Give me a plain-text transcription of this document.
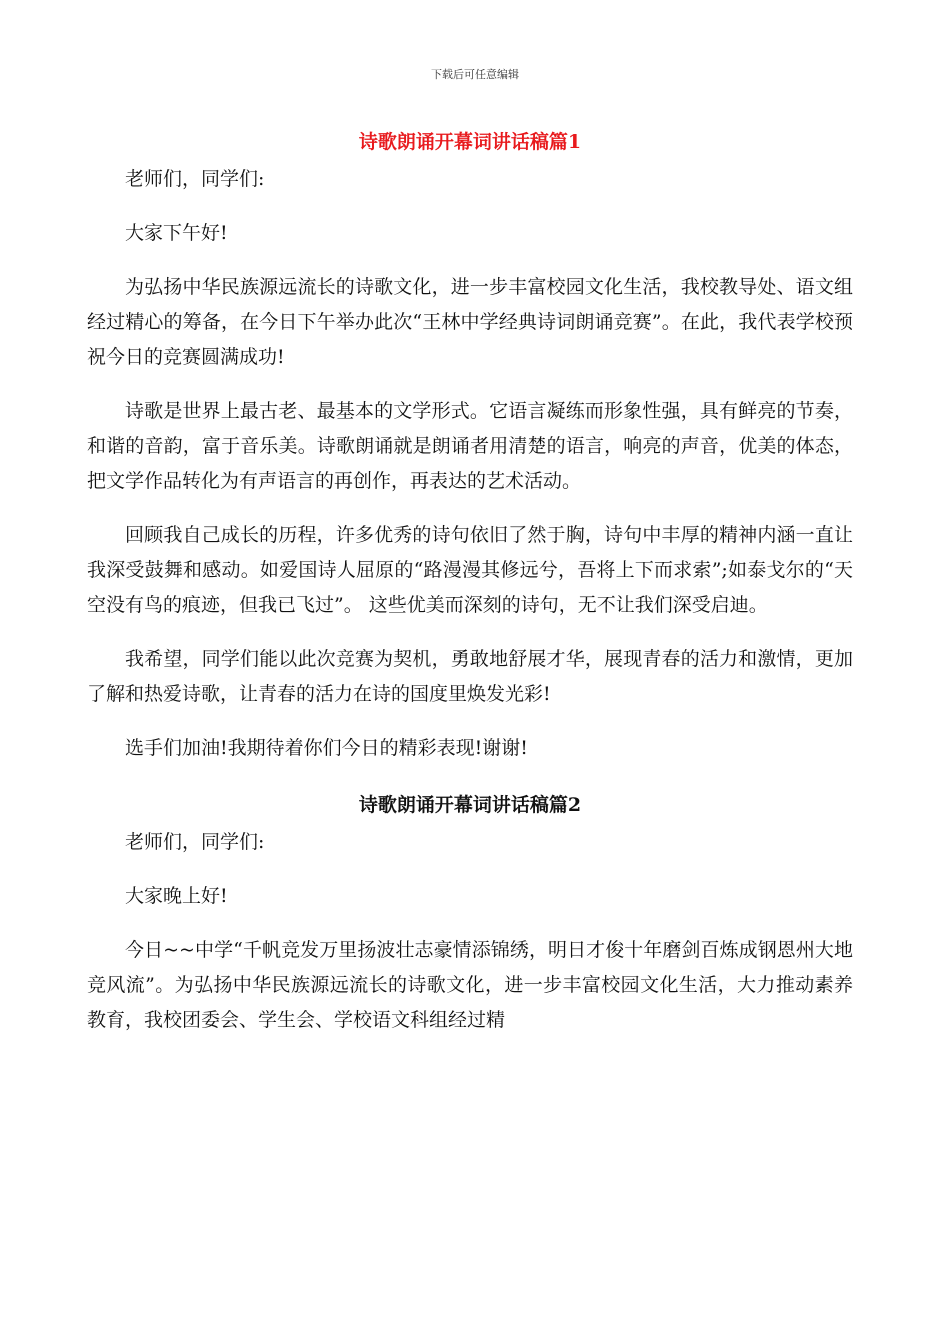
下载后可任意编辑
诗歌朗诵开幕词讲话稿篇1

老师们，同学们:

大家下午好!

为弘扬中华民族源远流长的诗歌文化，进一步丰富校园文化生活，我校教导处、语文组经过精心的筹备，在今日下午举办此次“王林中学经典诗词朗诵竞赛”。在此，我代表学校预祝今日的竞赛圆满成功!

诗歌是世界上最古老、最基本的文学形式。它语言凝练而形象性强，具有鲜亮的节奏，和谐的音韵，富于音乐美。诗歌朗诵就是朗诵者用清楚的语言，响亮的声音，优美的体态，把文学作品转化为有声语言的再创作，再表达的艺术活动。

回顾我自己成长的历程，许多优秀的诗句依旧了然于胸，诗句中丰厚的精神内涵一直让我深受鼓舞和感动。如爱国诗人屈原的“路漫漫其修远兮，吾将上下而求索”;如泰戈尔的“天空没有鸟的痕迹，但我已飞过”。 这些优美而深刻的诗句，无不让我们深受启迪。

我希望，同学们能以此次竞赛为契机，勇敢地舒展才华，展现青春的活力和激情，更加了解和热爱诗歌，让青春的活力在诗的国度里焕发光彩!

选手们加油!我期待着你们今日的精彩表现!谢谢!

诗歌朗诵开幕词讲话稿篇2

老师们，同学们:

大家晚上好!

今日~~中学“千帆竞发万里扬波壮志豪情添锦绣，明日才俊十年磨剑百炼成钢恩州大地竞风流”。为弘扬中华民族源远流长的诗歌文化，进一步丰富校园文化生活，大力推动素养教育，我校团委会、学生会、学校语文科组经过精
